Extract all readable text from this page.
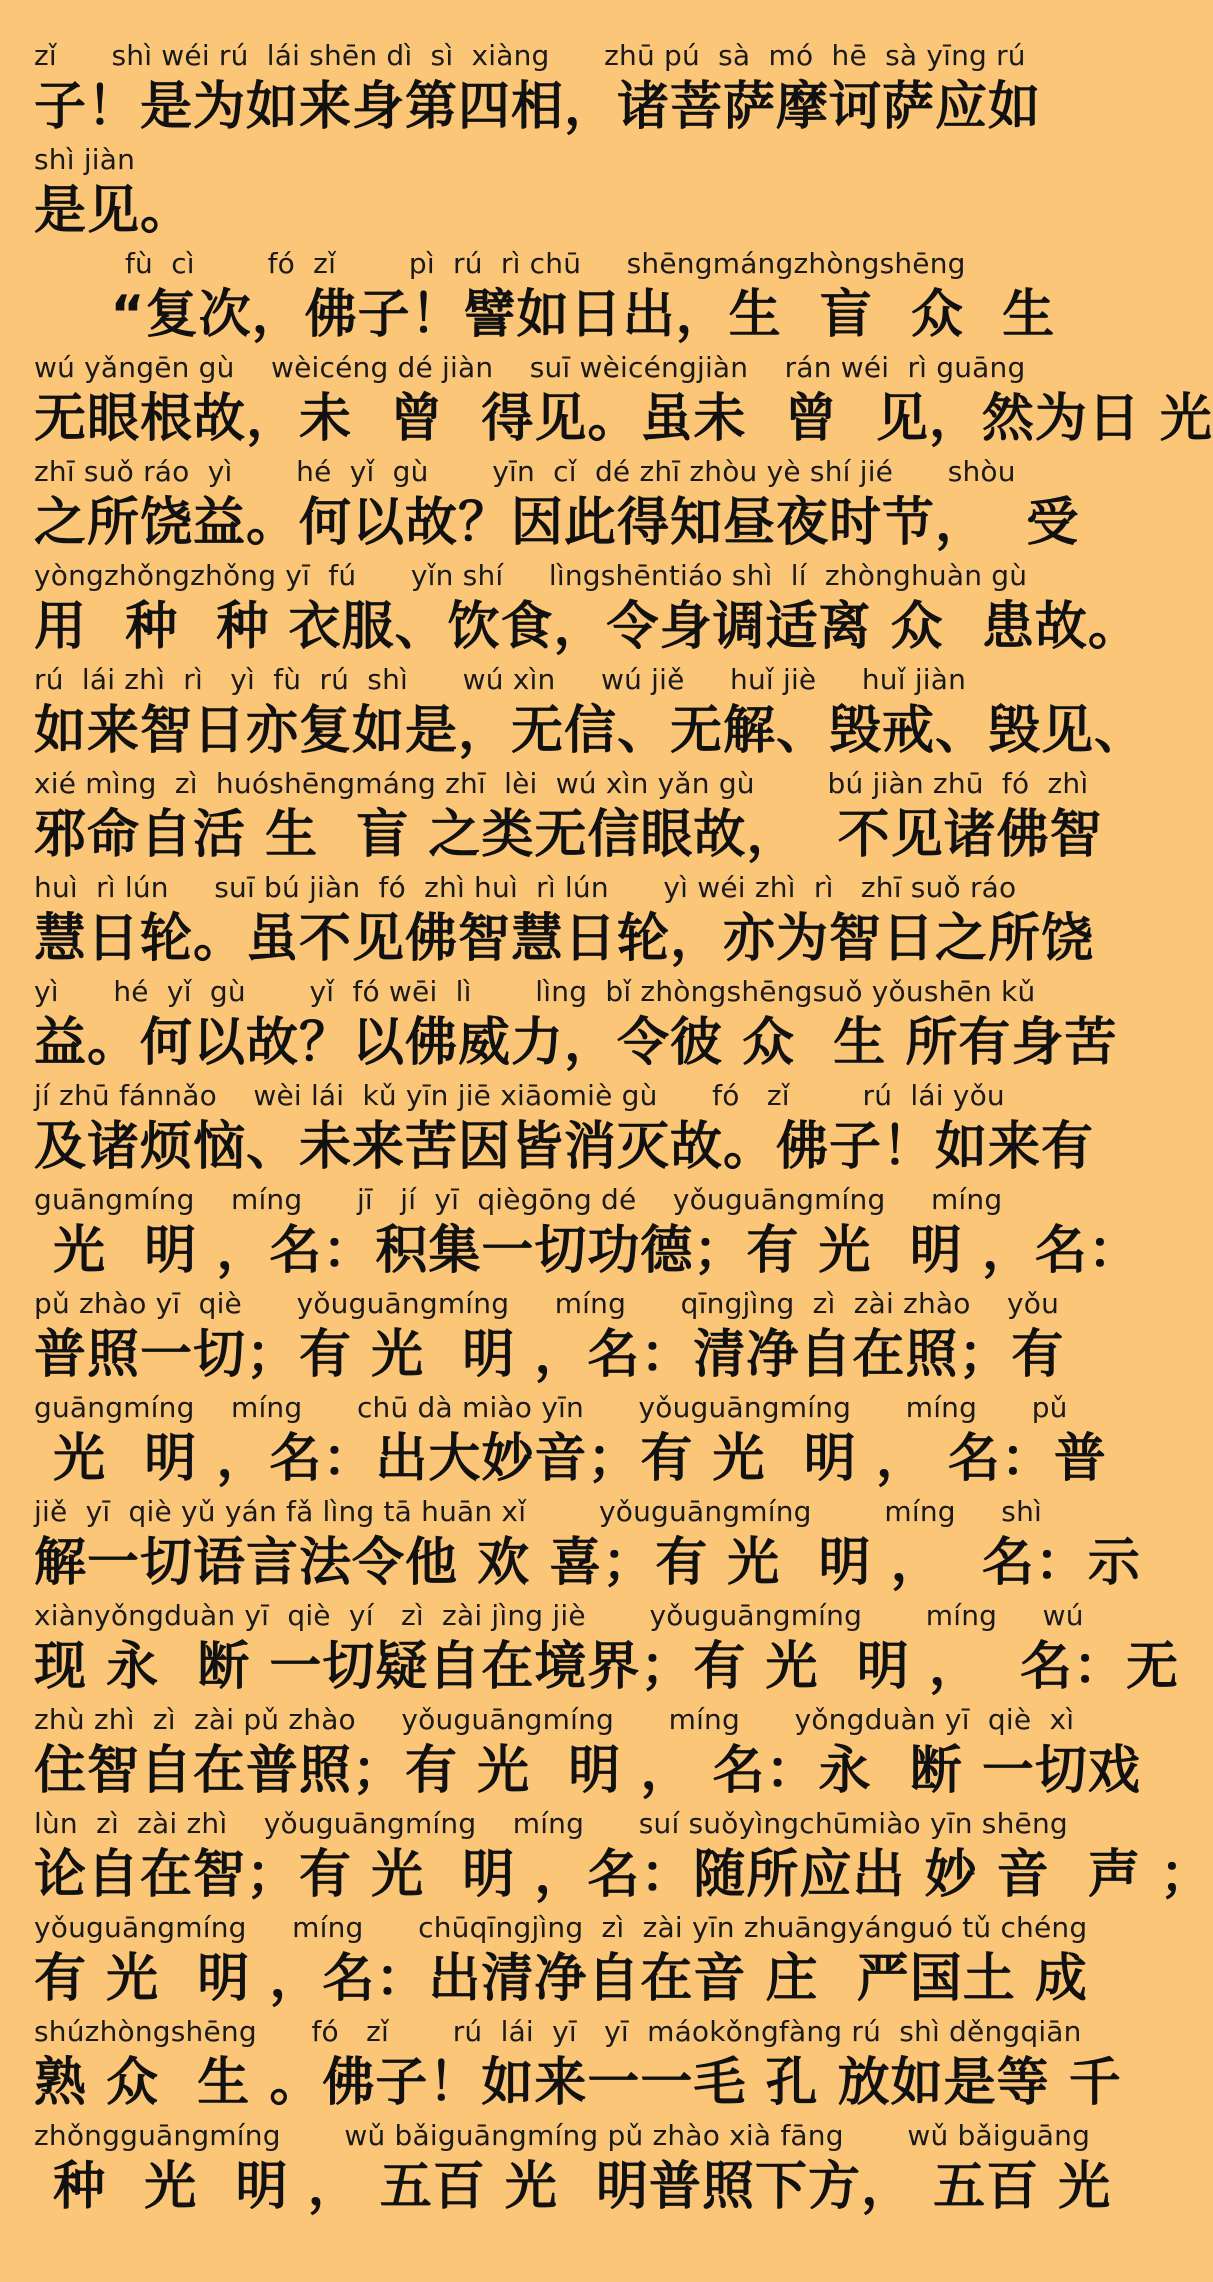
zǐ      shì wéi rú  lái shēn dì  sì  xiàng      zhū pú  sà  mó  hē  sà yīng rú
子！是为如来身第四相，诸菩萨摩诃萨应如
shì jiàn
是见。
fù  cì        fó  zǐ        pì  rú  rì chū     shēngmángzhòngshēng
“复次，佛子！譬如日出，生  盲  众  生
wú yǎngēn gù    wèicéng dé jiàn    suī wèicéngjiàn    rán wéi  rì guāng
无眼根故，未  曾  得见。虽未  曾  见，然为日 光
zhī suǒ ráo  yì       hé  yǐ  gù       yīn  cǐ  dé zhī zhòu yè shí jié      shòu
之所饶益。何以故？因此得知昼夜时节，  受
yòngzhǒngzhǒng yī  fú      yǐn shí     lìngshēntiáo shì  lí  zhònghuàn gù
用  种  种 衣服、饮食，令身调适离 众  患故。
rú  lái zhì  rì   yì  fù  rú  shì      wú xìn     wú jiě     huǐ jiè     huǐ jiàn
如来智日亦复如是，无信、无解、毁戒、毁见、
xié mìng  zì  huóshēngmáng zhī  lèi  wú xìn yǎn gù        bú jiàn zhū  fó  zhì
邪命自活 生  盲 之类无信眼故，  不见诸佛智
huì  rì lún     suī bú jiàn  fó  zhì huì  rì lún      yì wéi zhì  rì   zhī suǒ ráo
慧日轮。虽不见佛智慧日轮，亦为智日之所饶
yì      hé  yǐ  gù       yǐ  fó wēi  lì       lìng  bǐ zhòngshēngsuǒ yǒushēn kǔ
益。何以故？以佛威力，令彼 众  生 所有身苦
jí zhū fánnǎo    wèi lái  kǔ yīn jiē xiāomiè gù      fó   zǐ        rú  lái yǒu
及诸烦恼、未来苦因皆消灭故。佛子！如来有
guāngmíng    míng      jī   jí  yī  qiègōng dé    yǒuguāngmíng     míng
光  明 ，名：积集一切功德；有 光  明 ，名：
pǔ zhào yī  qiè      yǒuguāngmíng     míng      qīngjìng  zì  zài zhào    yǒu
普照一切；有 光  明 ，名：清净自在照；有
guāngmíng    míng      chū dà miào yīn      yǒuguāngmíng      míng      pǔ
光  明 ，名：出大妙音；有 光  明 ， 名：普
jiě  yī  qiè yǔ yán fǎ lìng tā huān xǐ        yǒuguāngmíng        míng     shì
解一切语言法令他 欢 喜；有 光  明 ，  名：示
xiànyǒngduàn yī  qiè  yí   zì  zài jìng jiè       yǒuguāngmíng       míng     wú
现 永  断 一切疑自在境界；有 光  明 ，  名：无
zhù zhì  zì  zài pǔ zhào     yǒuguāngmíng      míng      yǒngduàn yī  qiè  xì
住智自在普照；有 光  明 ， 名：永  断 一切戏
lùn  zì  zài zhì    yǒuguāngmíng    míng      suí suǒyìngchūmiào yīn shēng
论自在智；有 光  明 ，名：随所应出 妙 音  声 ；
yǒuguāngmíng     míng      chūqīngjìng  zì  zài yīn zhuāngyánguó tǔ chéng
有 光  明 ，名：出清净自在音 庄  严国土 成
shúzhòngshēng      fó   zǐ       rú  lái  yī   yī  máokǒngfàng rú  shì děngqiān
熟 众  生 。佛子！如来一一毛 孔 放如是等 千
zhǒngguāngmíng       wǔ bǎiguāngmíng pǔ zhào xià fāng       wǔ bǎiguāng
种  光  明 ， 五百 光  明普照下方， 五百 光
